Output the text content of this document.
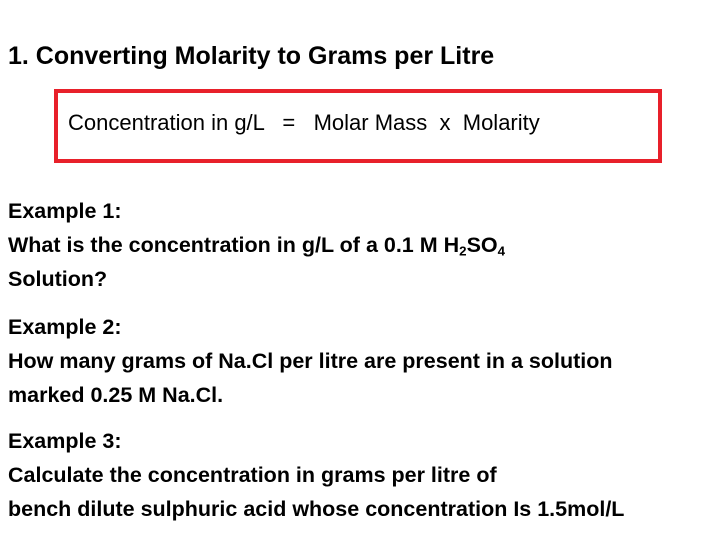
1. Converting Molarity to Grams per Litre
Concentration in g/L   =   Molar Mass  x  Molarity
Example 1:
What is the concentration in g/L of a 0.1 M $H_2SO_4$
Solution?
Example 2:
How many grams of Na.Cl per litre are present in a solution
marked 0.25 M Na.Cl.
Example 3:
Calculate the concentration in grams per litre of
bench dilute sulphuric acid whose concentration Is 1.5mol/L
